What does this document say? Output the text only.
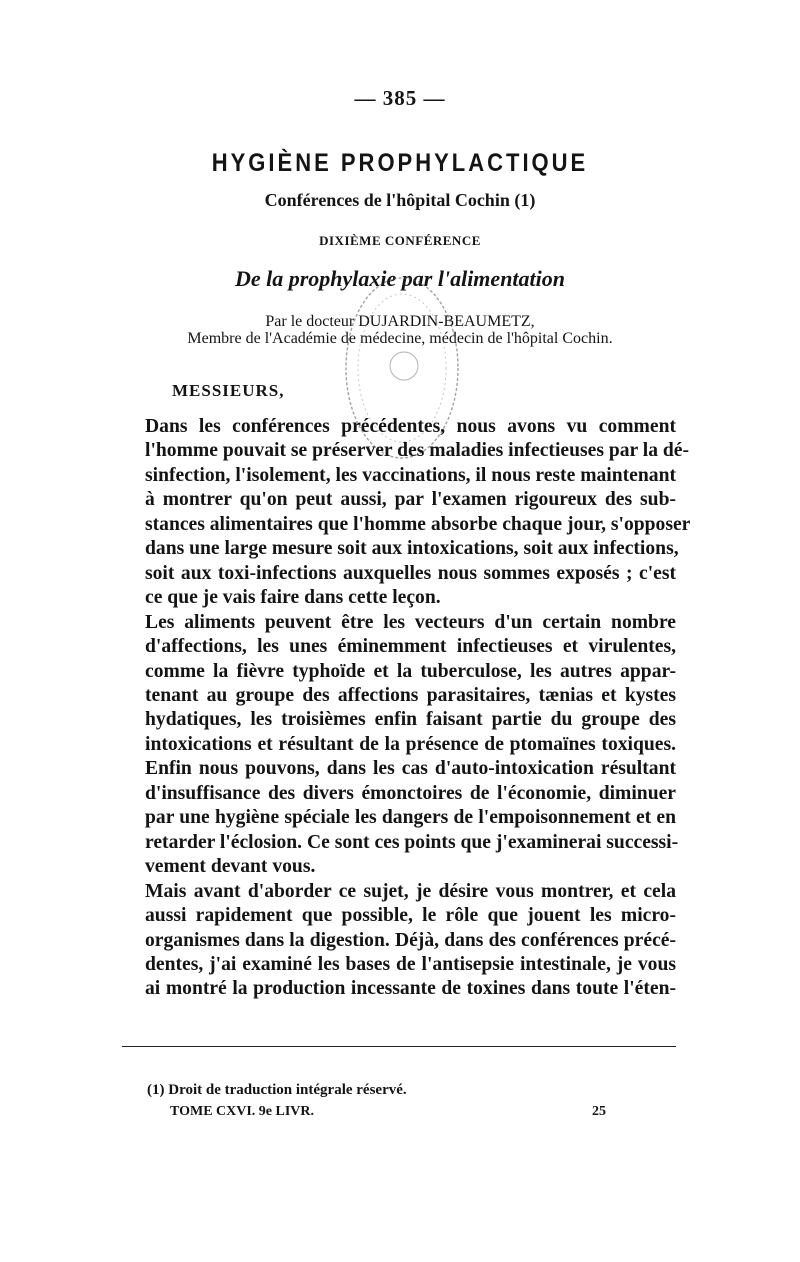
— 385 —
HYGIÈNE PROPHYLACTIQUE
Conférences de l'hôpital Cochin (1)
DIXIÈME CONFÉRENCE
De la prophylaxie par l'alimentation
Par le docteur DUJARDIN-BEAUMETZ,
Membre de l'Académie de médecine, médecin de l'hôpital Cochin.
MESSIEURS,

Dans les conférences précédentes, nous avons vu comment
l'homme pouvait se préserver des maladies infectieuses par la dé-
sinfection, l'isolement, les vaccinations, il nous reste maintenant
à montrer qu'on peut aussi, par l'examen rigoureux des sub-
stances alimentaires que l'homme absorbe chaque jour, s'opposer
dans une large mesure soit aux intoxications, soit aux infections,
soit aux toxi-infections auxquelles nous sommes exposés ; c'est
ce que je vais faire dans cette leçon.

Les aliments peuvent être les vecteurs d'un certain nombre
d'affections, les unes éminemment infectieuses et virulentes,
comme la fièvre typhoïde et la tuberculose, les autres appar-
tenant au groupe des affections parasitaires, tænias et kystes
hydatiques, les troisièmes enfin faisant partie du groupe des
intoxications et résultant de la présence de ptomaïnes toxiques.
Enfin nous pouvons, dans les cas d'auto-intoxication résultant
d'insuffisance des divers émonctoires de l'économie, diminuer
par une hygiène spéciale les dangers de l'empoisonnement et en
retarder l'éclosion. Ce sont ces points que j'examinerai successi-
vement devant vous.

Mais avant d'aborder ce sujet, je désire vous montrer, et cela
aussi rapidement que possible, le rôle que jouent les micro-
organismes dans la digestion. Déjà, dans des conférences précé-
dentes, j'ai examiné les bases de l'antisepsie intestinale, je vous
ai montré la production incessante de toxines dans toute l'éten-

(1) Droit de traduction intégrale réservé.
TOME CXVI. 9e LIVR.	25
